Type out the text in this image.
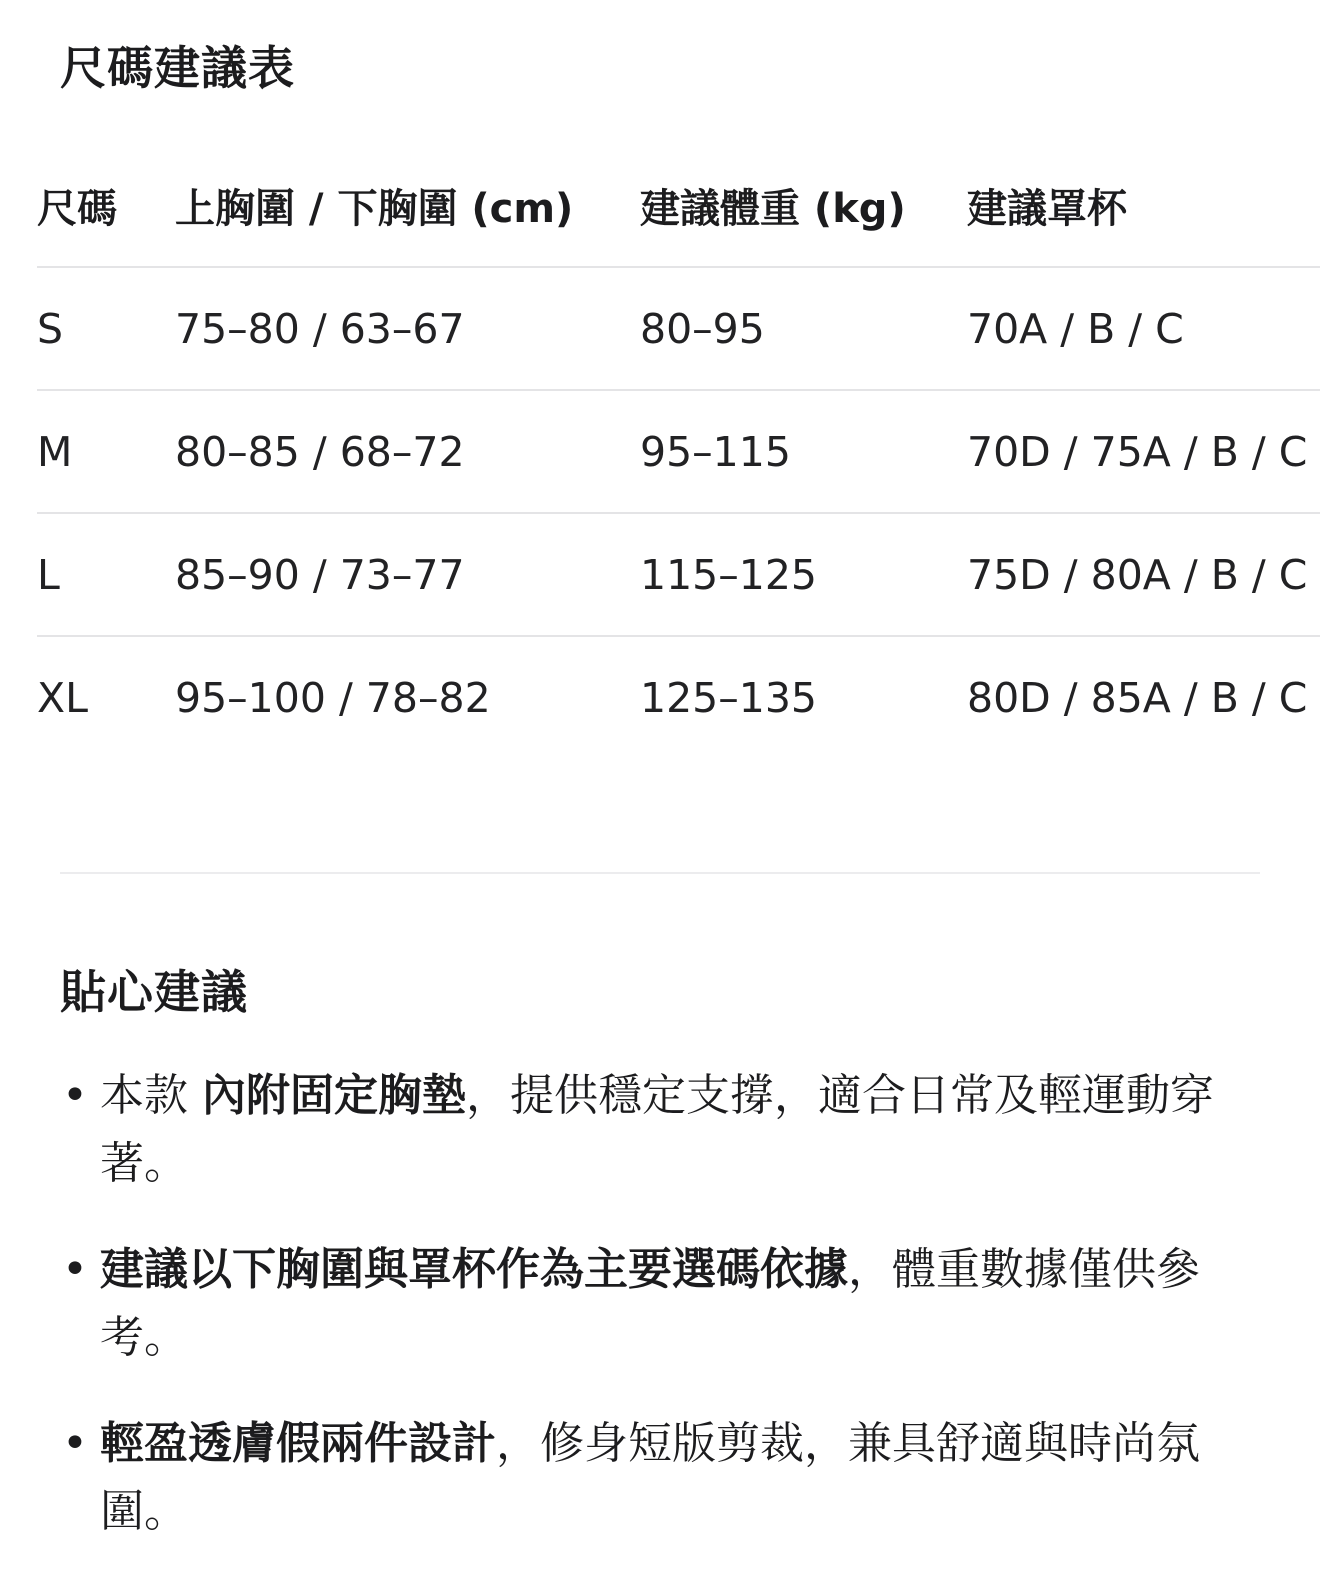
尺碼建議表
尺碼	上胸圍 / 下胸圍 (cm)	建議體重 (kg)	建議罩杯
S	75–80 / 63–67	80–95	70A / B / C
M	80–85 / 68–72	95–115	70D / 75A / B / C
L	85–90 / 73–77	115–125	75D / 80A / B / C
XL	95–100 / 78–82	125–135	80D / 85A / B / C
貼心建議
• 本款 內附固定胸墊，提供穩定支撐，適合日常及輕運動穿著。
• 建議以下胸圍與罩杯作為主要選碼依據，體重數據僅供參考。
• 輕盈透膚假兩件設計，修身短版剪裁，兼具舒適與時尚氛圍。
